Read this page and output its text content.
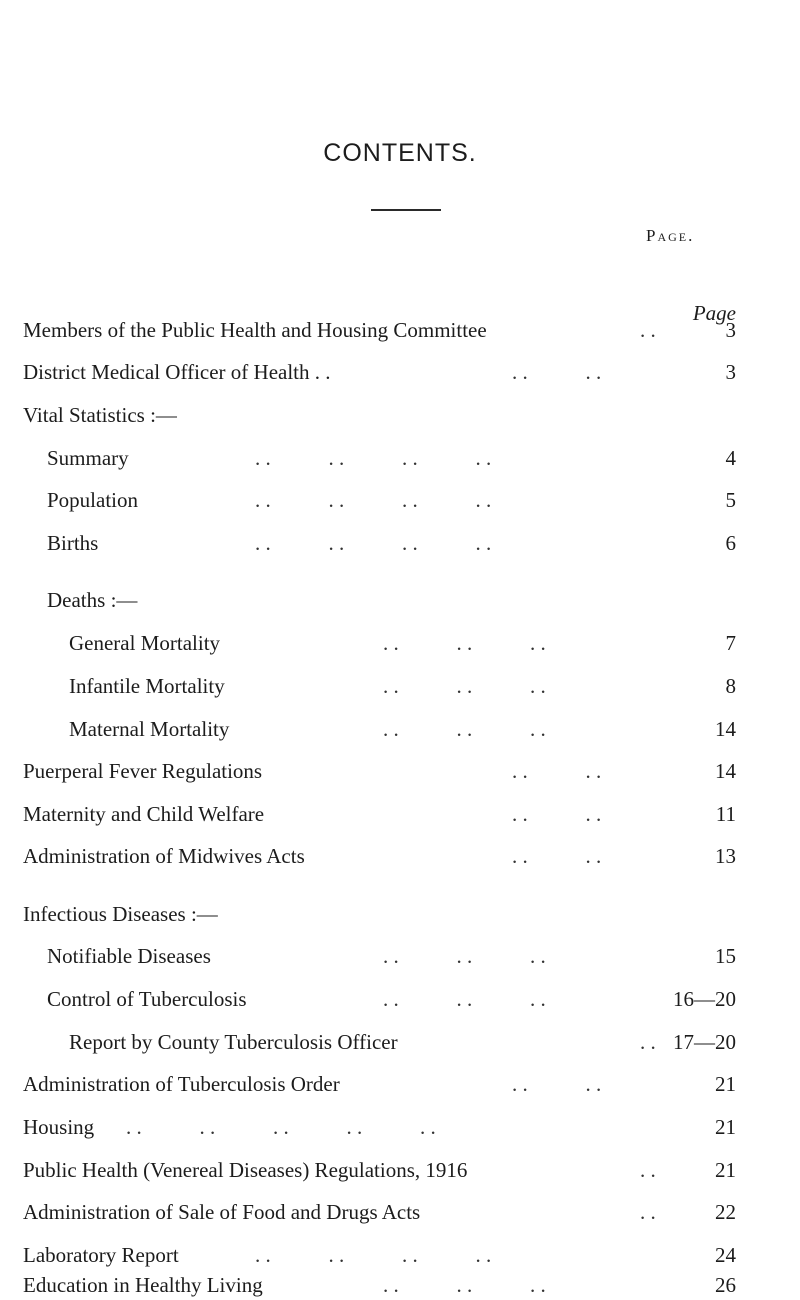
CONTENTS.
Page.
Page
Members of the Public Health and Housing Committee	. .	3
District Medical Officer of Health . .	. .           . .	3
Vital Statistics :—
Summary	. .           . .           . .           . .	4
Population	. .           . .           . .           . .	5
Births	. .           . .           . .           . .	6
Deaths :—
General Mortality	. .           . .           . .	7
Infantile Mortality	. .           . .           . .	8
Maternal Mortality	. .           . .           . .	14
Puerperal Fever Regulations	. .           . .	14
Maternity and Child Welfare	. .           . .	11
Administration of Midwives Acts	. .           . .	13
Infectious Diseases :—
Notifiable Diseases	. .           . .           . .	15
Control of Tuberculosis	. .           . .           . .	16—20
Report by County Tuberculosis Officer	. . 17—20
Administration of Tuberculosis Order	. .           . .	21
Housing . .           . .           . .           . .           . .	21
Public Health (Venereal Diseases) Regulations, 1916	. .	21
Administration of Sale of Food and Drugs Acts	. .	22
Laboratory Report	. .           . .           . .           . .	24
Education in Healthy Living	. .           . .           . .	26
